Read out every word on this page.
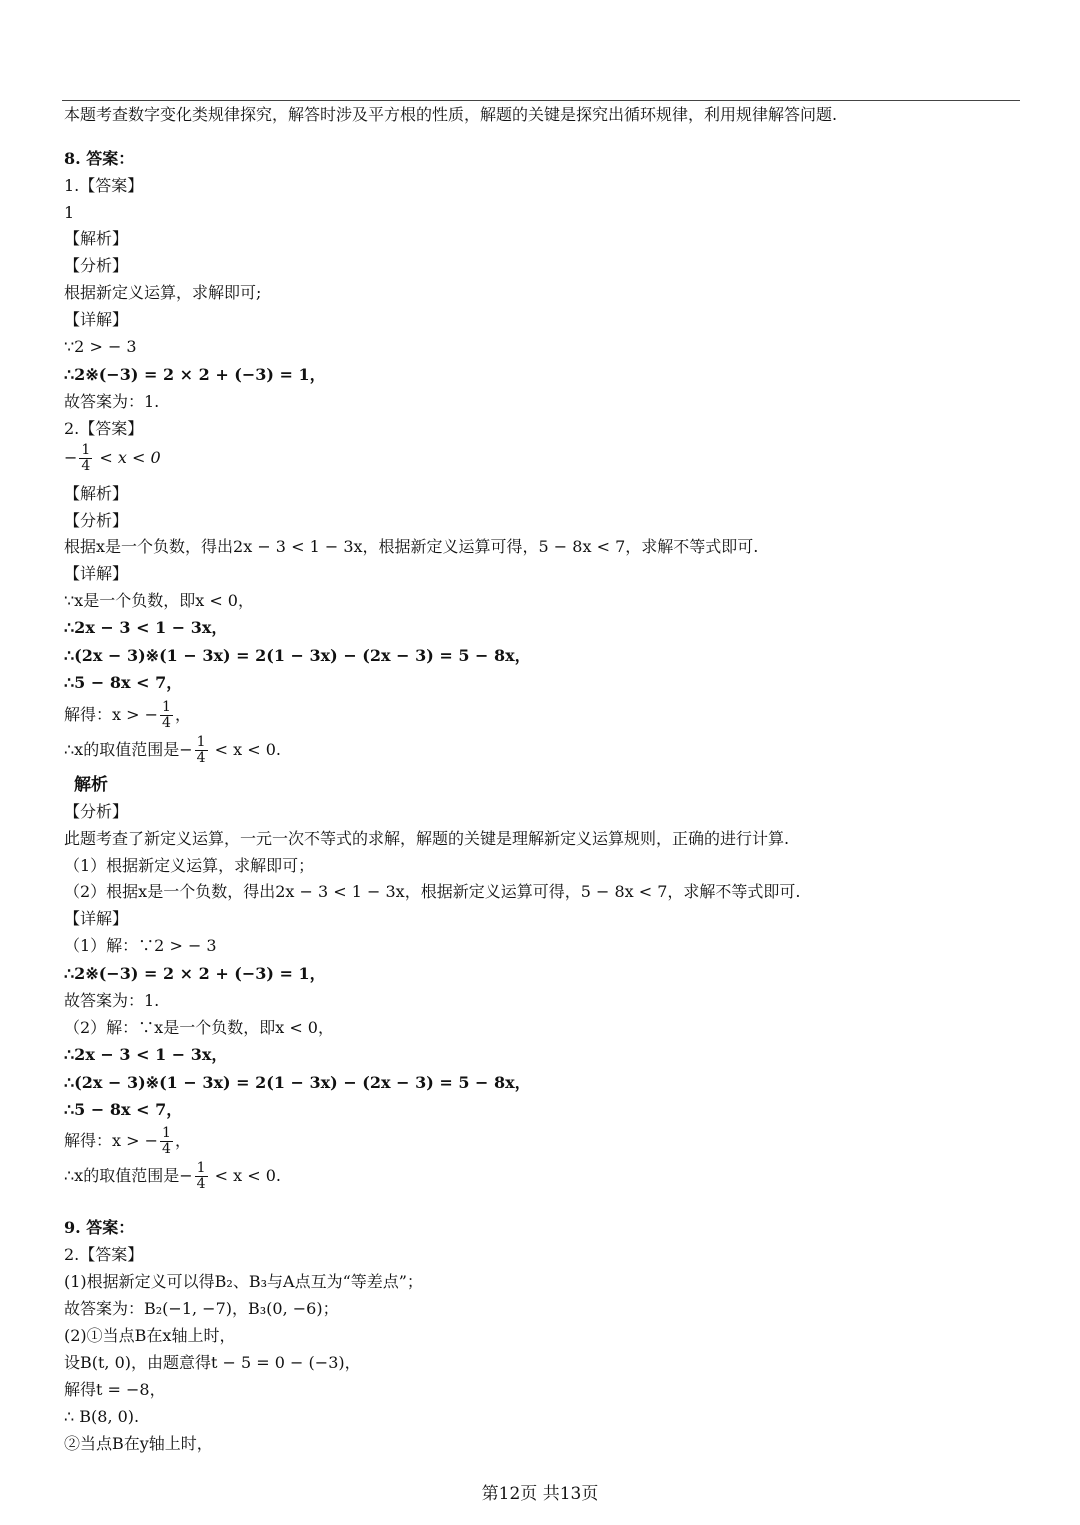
本题考查数字变化类规律探究，解答时涉及平方根的性质，解题的关键是探究出循环规律，利用规律解答问题.
8. 答案：
1.【答案】
1
【解析】
【分析】
根据新定义运算，求解即可;
【详解】
∵2 > − 3
∴2※(−3) = 2 × 2 + (−3) = 1，
故答案为：1.
2.【答案】
− $\frac{1}{4} < x < 0$
【解析】
【分析】
根据x是一个负数，得出2x − 3 < 1 − 3x，根据新定义运算可得，5 − 8x < 7，求解不等式即可.
【详解】
∵x是一个负数，即x < 0，
∴2x − 3 < 1 − 3x，
∴(2x − 3)※(1 − 3x) = 2(1 − 3x) − (2x − 3) = 5 − 8x，
∴5 − 8x < 7，
解得：x > − $\frac{1}{4}$ ，
∴x的取值范围是− $\frac{1}{4} < x < 0$.
解析
【分析】
此题考查了新定义运算，一元一次不等式的求解，解题的关键是理解新定义运算规则，正确的进行计算.
（1）根据新定义运算，求解即可；
（2）根据x是一个负数，得出2x − 3 < 1 − 3x，根据新定义运算可得，5 − 8x < 7，求解不等式即可.
【详解】
（1）解：∵2 > − 3
∴2※(−3) = 2 × 2 + (−3) = 1，
故答案为：1.
（2）解：∵x是一个负数，即x < 0，
∴2x − 3 < 1 − 3x，
∴(2x − 3)※(1 − 3x) = 2(1 − 3x) − (2x − 3) = 5 − 8x，
∴5 − 8x < 7，
解得：x > − $\frac{1}{4}$ ，
∴x的取值范围是− $\frac{1}{4} < x < 0$.
9. 答案：
2.【答案】
(1)根据新定义可以得B₂、B₃与A点互为“等差点”；
故答案为：B₂(−1, −7)，B₃(0, −6)；
(2)①当点B在x轴上时，
设B(t, 0)，由题意得t − 5 = 0 − (−3)，
解得t = −8，
∴ B(8, 0).
②当点B在y轴上时，
第12页 共13页
